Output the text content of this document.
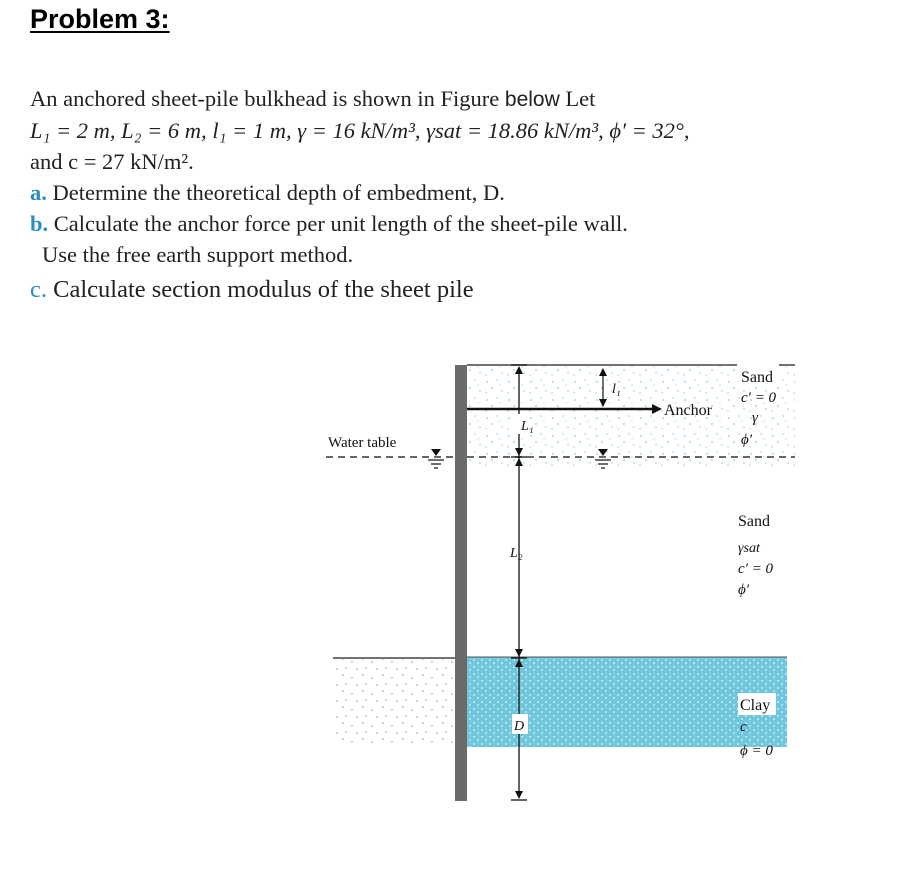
Problem 3:
An anchored sheet-pile bulkhead is shown in Figure below Let
L₁ = 2 m, L₂ = 6 m, l₁ = 1 m, γ = 16 kN/m³, γsat = 18.86 kN/m³, ϕ′ = 32°,
and c = 27 kN/m².
a. Determine the theoretical depth of embedment, D.
b. Calculate the anchor force per unit length of the sheet-pile wall.
Use the free earth support method.
c. Calculate section modulus of the sheet pile
Water table
Anchor
L₁
l₁
L₂
D
Sand
c′ = 0
γ
ϕ′
Sand
γsat
c′ = 0
ϕ′
Clay
c
ϕ = 0
